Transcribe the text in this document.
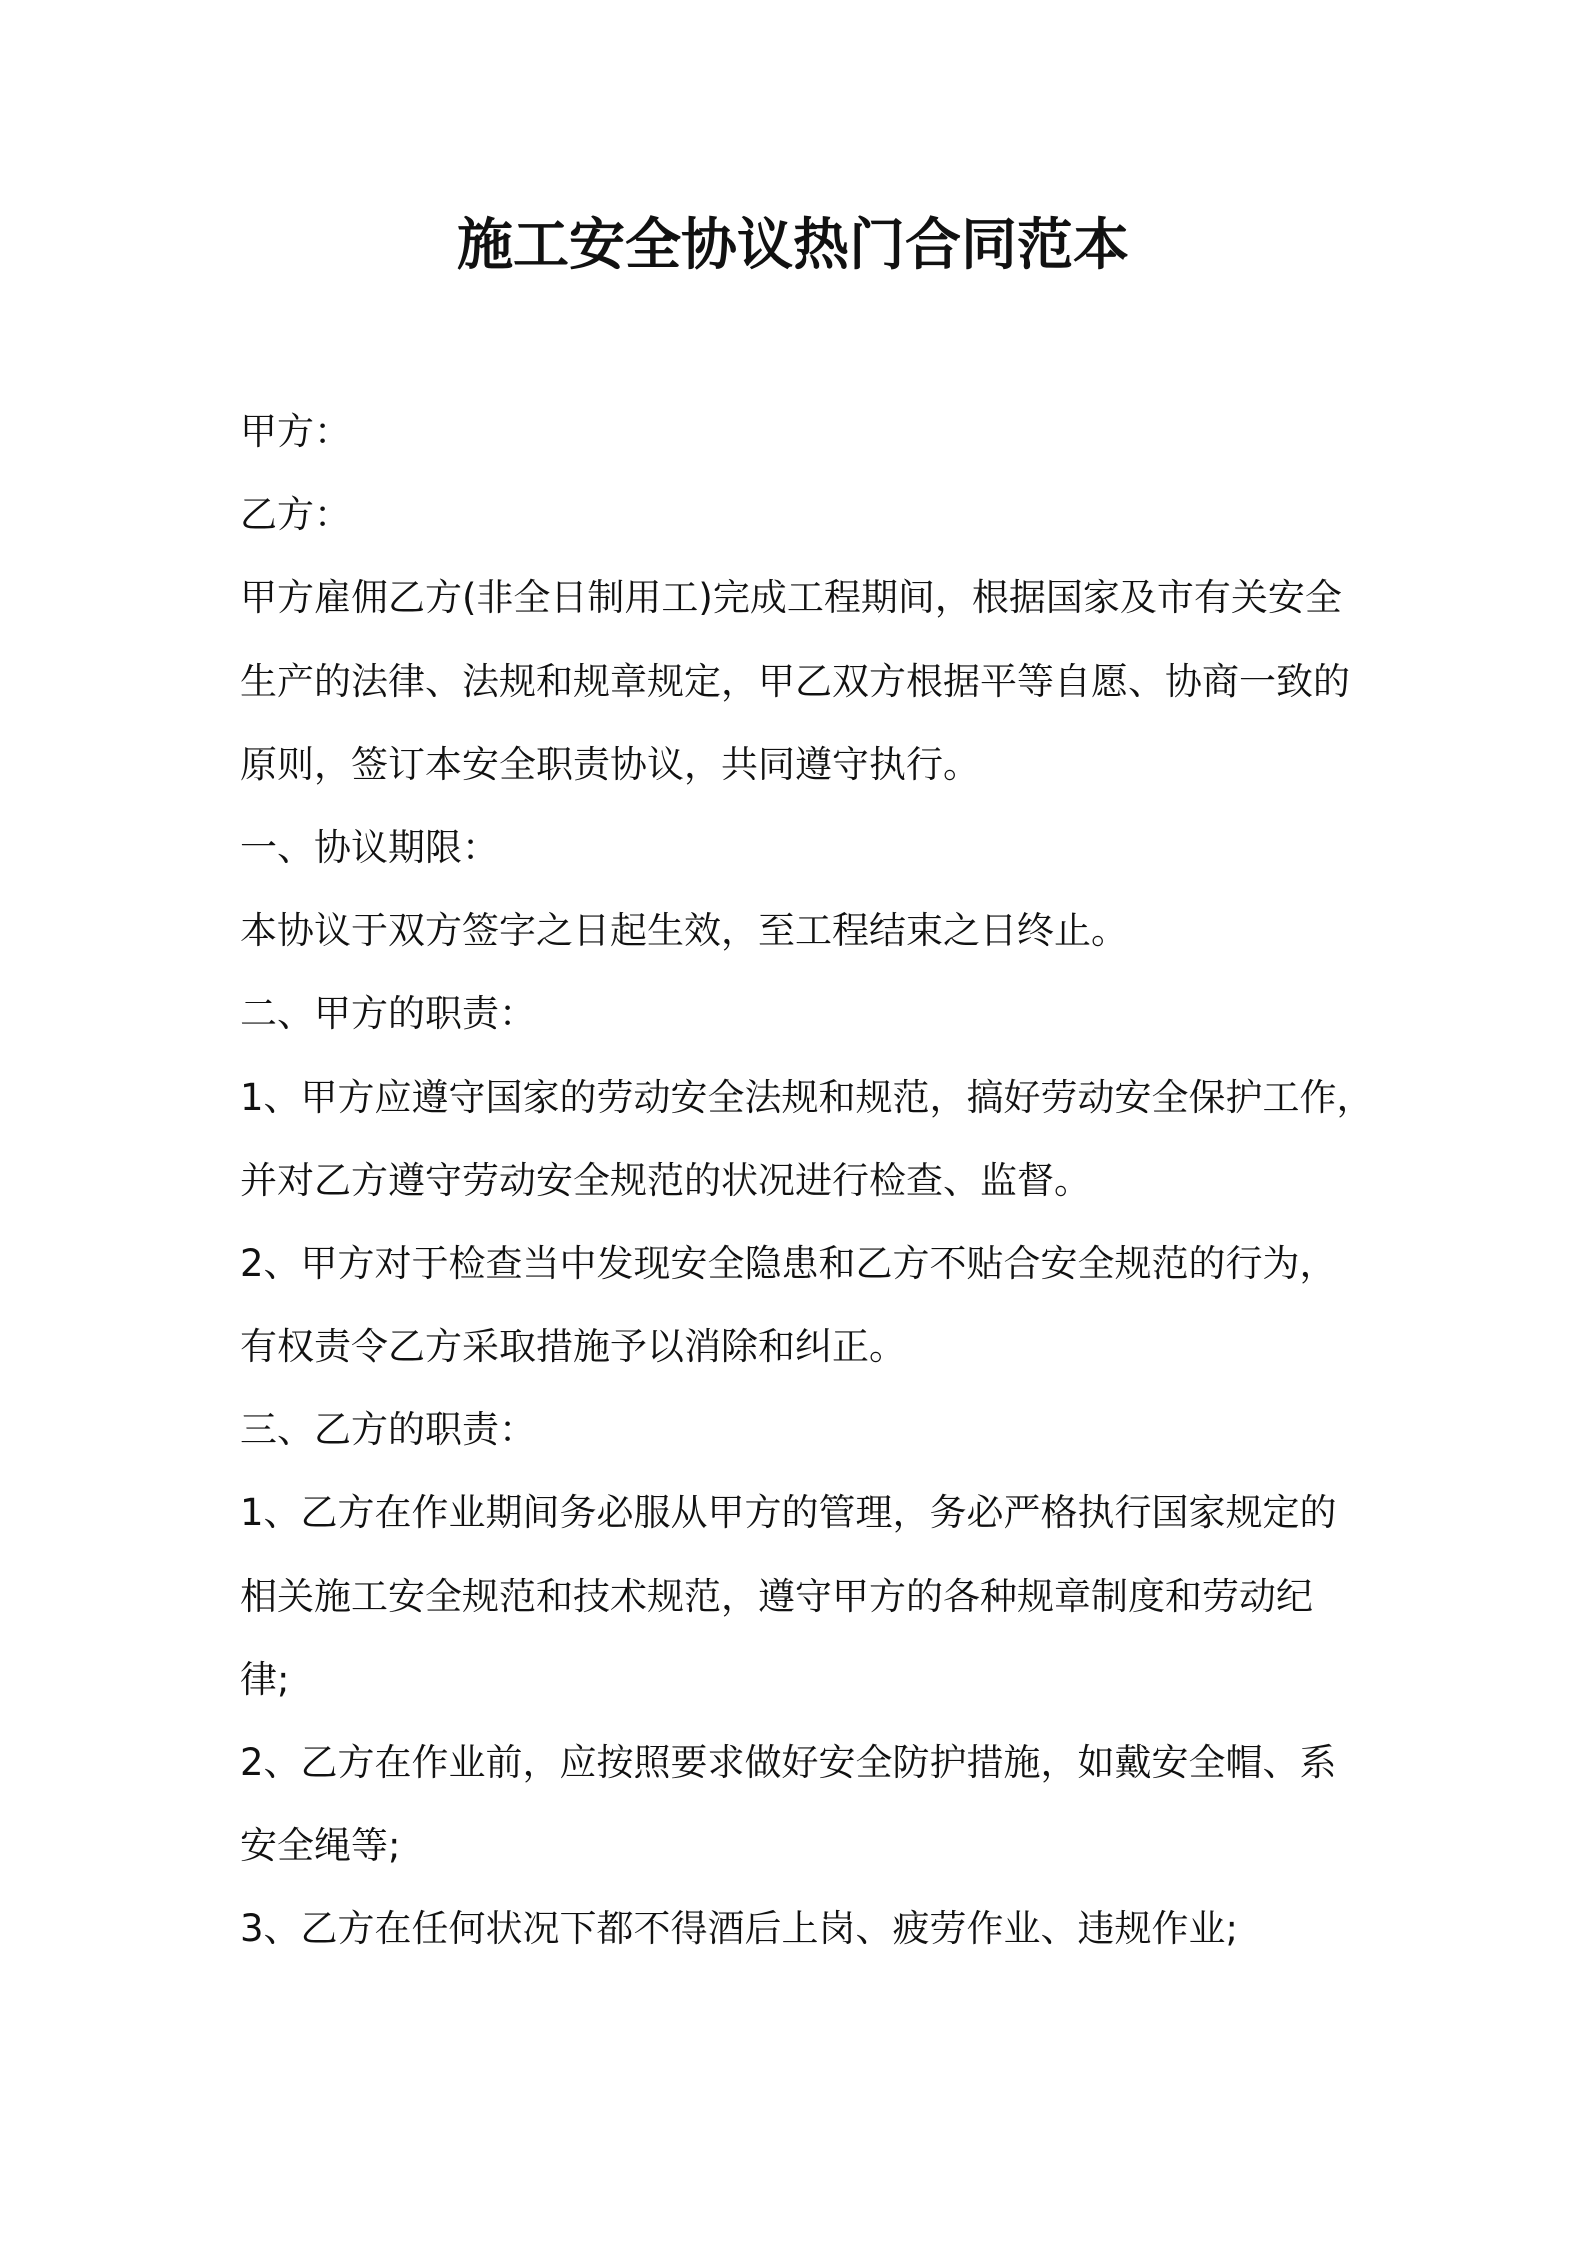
施工安全协议热门合同范本
甲方：
乙方：
甲方雇佣乙方(非全日制用工)完成工程期间，根据国家及市有关安全
生产的法律、法规和规章规定，甲乙双方根据平等自愿、协商一致的
原则，签订本安全职责协议，共同遵守执行。
一、协议期限：
本协议于双方签字之日起生效，至工程结束之日终止。
二、甲方的职责：
1、甲方应遵守国家的劳动安全法规和规范，搞好劳动安全保护工作，
并对乙方遵守劳动安全规范的状况进行检查、监督。
2、甲方对于检查当中发现安全隐患和乙方不贴合安全规范的行为，
有权责令乙方采取措施予以消除和纠正。
三、乙方的职责：
1、乙方在作业期间务必服从甲方的管理，务必严格执行国家规定的
相关施工安全规范和技术规范，遵守甲方的各种规章制度和劳动纪
律;
2、乙方在作业前，应按照要求做好安全防护措施，如戴安全帽、系
安全绳等;
3、乙方在任何状况下都不得酒后上岗、疲劳作业、违规作业;
